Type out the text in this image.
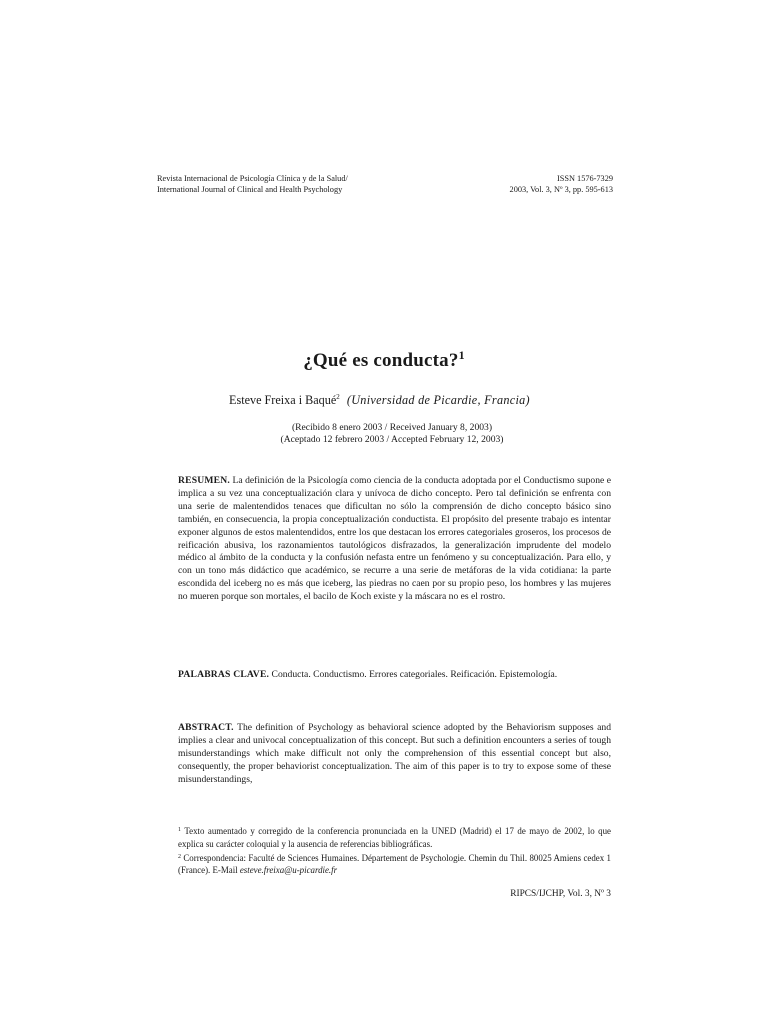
Revista Internacional de Psicología Clínica y de la Salud/
International Journal of Clinical and Health Psychology
ISSN 1576-7329
2003, Vol. 3, Nº 3, pp. 595-613
¿Qué es conducta?$^1$
Esteve Freixa i Baqué$^2$ (Universidad de Picardie, Francia)
(Recibido 8 enero 2003 / Received January 8, 2003)
(Aceptado 12 febrero 2003 / Accepted February 12, 2003)
RESUMEN. La definición de la Psicología como ciencia de la conducta adoptada por el Conductismo supone e implica a su vez una conceptualización clara y unívoca de dicho concepto. Pero tal definición se enfrenta con una serie de malentendidos tenaces que dificultan no sólo la comprensión de dicho concepto básico sino también, en consecuencia, la propia conceptualización conductista. El propósito del presente trabajo es intentar exponer algunos de estos malentendidos, entre los que destacan los errores categoriales groseros, los procesos de reificación abusiva, los razonamientos tautológicos disfrazados, la generalización imprudente del modelo médico al ámbito de la conducta y la confusión nefasta entre un fenómeno y su conceptualización. Para ello, y con un tono más didáctico que académico, se recurre a una serie de metáforas de la vida cotidiana: la parte escondida del iceberg no es más que iceberg, las piedras no caen por su propio peso, los hombres y las mujeres no mueren porque son mortales, el bacilo de Koch existe y la máscara no es el rostro.
PALABRAS CLAVE. Conducta. Conductismo. Errores categoriales. Reificación. Epistemología.
ABSTRACT. The definition of Psychology as behavioral science adopted by the Behaviorism supposes and implies a clear and univocal conceptualization of this concept. But such a definition encounters a series of tough misunderstandings which make difficult not only the comprehension of this essential concept but also, consequently, the proper behaviorist conceptualization. The aim of this paper is to try to expose some of these misunderstandings,
$^1$ Texto aumentado y corregido de la conferencia pronunciada en la UNED (Madrid) el 17 de mayo de 2002, lo que explica su carácter coloquial y la ausencia de referencias bibliográficas.
$^2$ Correspondencia: Faculté de Sciences Humaines. Département de Psychologie. Chemin du Thil. 80025 Amiens cedex 1 (France). E-Mail esteve.freixa@u-picardie.fr
RIPCS/IJCHP, Vol. 3, Nº 3
